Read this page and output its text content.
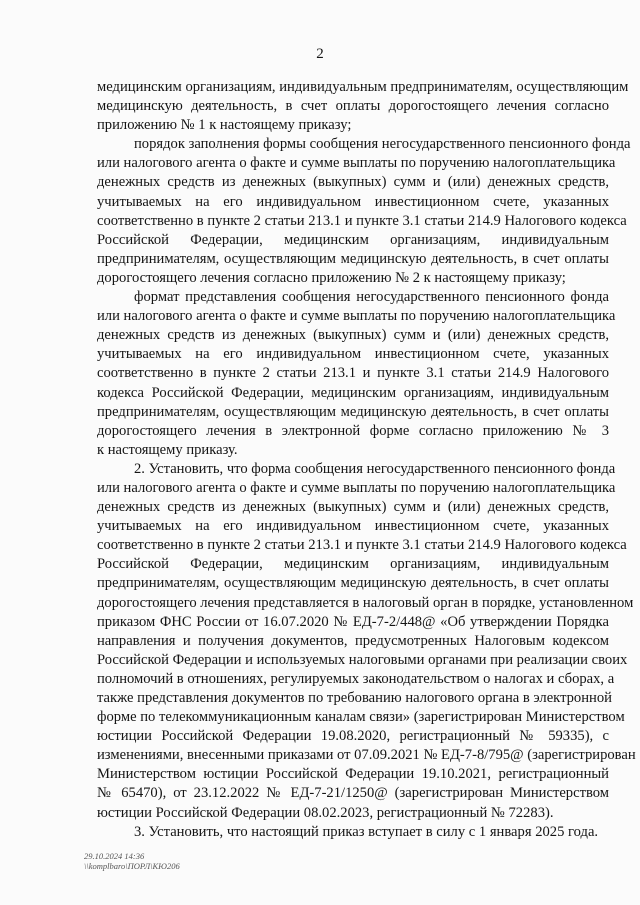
2
медицинским организациям, индивидуальным предпринимателям, осуществляющим
медицинскую деятельность, в счет оплаты дорогостоящего лечения согласно
приложению № 1 к настоящему приказу;
порядок заполнения формы сообщения негосударственного пенсионного фонда
или налогового агента о факте и сумме выплаты по поручению налогоплательщика
денежных средств из денежных (выкупных) сумм и (или) денежных средств,
учитываемых на его индивидуальном инвестиционном счете, указанных
соответственно в пункте 2 статьи 213.1 и пункте 3.1 статьи 214.9 Налогового кодекса
Российской Федерации, медицинским организациям, индивидуальным
предпринимателям, осуществляющим медицинскую деятельность, в счет оплаты
дорогостоящего лечения согласно приложению № 2 к настоящему приказу;
формат представления сообщения негосударственного пенсионного фонда
или налогового агента о факте и сумме выплаты по поручению налогоплательщика
денежных средств из денежных (выкупных) сумм и (или) денежных средств,
учитываемых на его индивидуальном инвестиционном счете, указанных
соответственно в пункте 2 статьи 213.1 и пункте 3.1 статьи 214.9 Налогового
кодекса Российской Федерации, медицинским организациям, индивидуальным
предпринимателям, осуществляющим медицинскую деятельность, в счет оплаты
дорогостоящего лечения в электронной форме согласно приложению № 3
к настоящему приказу.
2. Установить, что форма сообщения негосударственного пенсионного фонда
или налогового агента о факте и сумме выплаты по поручению налогоплательщика
денежных средств из денежных (выкупных) сумм и (или) денежных средств,
учитываемых на его индивидуальном инвестиционном счете, указанных
соответственно в пункте 2 статьи 213.1 и пункте 3.1 статьи 214.9 Налогового кодекса
Российской Федерации, медицинским организациям, индивидуальным
предпринимателям, осуществляющим медицинскую деятельность, в счет оплаты
дорогостоящего лечения представляется в налоговый орган в порядке, установленном
приказом ФНС России от 16.07.2020 № ЕД-7-2/448@ «Об утверждении Порядка
направления и получения документов, предусмотренных Налоговым кодексом
Российской Федерации и используемых налоговыми органами при реализации своих
полномочий в отношениях, регулируемых законодательством о налогах и сборах, а
также представления документов по требованию налогового органа в электронной
форме по телекоммуникационным каналам связи» (зарегистрирован Министерством
юстиции Российской Федерации 19.08.2020, регистрационный № 59335), с
изменениями, внесенными приказами от 07.09.2021 № ЕД-7-8/795@ (зарегистрирован
Министерством юстиции Российской Федерации 19.10.2021, регистрационный
№ 65470), от 23.12.2022 № ЕД-7-21/1250@ (зарегистрирован Министерством
юстиции Российской Федерации 08.02.2023, регистрационный № 72283).
3. Установить, что настоящий приказ вступает в силу с 1 января 2025 года.
29.10.2024 14:36
\\komplbaro\ПОРЛ\КЮ206
